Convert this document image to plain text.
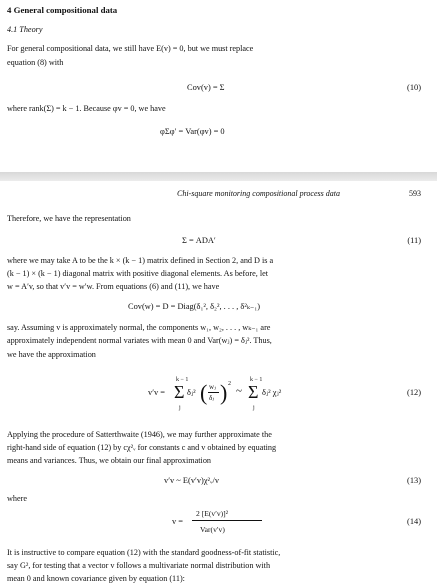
4 General compositional data
4.1 Theory
For general compositional data, we still have E(v) = 0, but we must replace
equation (8) with
Cov(v) = Σ	(10)
where rank(Σ) = k − 1. Because φv = 0, we have
φΣφ′ = Var(φv) = 0
Chi-square monitoring compositional process data	593
Therefore, we have the representation
Σ = ADA′	(11)
where we may take A to be the k × (k − 1) matrix defined in Section 2, and D is a
(k − 1) × (k − 1) diagonal matrix with positive diagonal elements. As before, let
w = A′v, so that v′v = w′w. From equations (6) and (11), we have
Cov(w) = D = Diag(δ₁², δ₂², . . . , δ²ₖ₋₁)
say. Assuming v is approximately normal, the components w₁, w₂, . . . , wₖ₋₁ are
approximately independent normal variates with mean 0 and Var(wⱼ) = δⱼ². Thus,
we have the approximation
v′v =
k − 1
Σ
j
δⱼ² ( wⱼ
δⱼ ) 2
~
k − 1
Σ
j
δⱼ² χⱼ²	(12)
Applying the procedure of Satterthwaite (1946), we may further approximate the
right-hand side of equation (12) by cχ²ᵥ for constants c and v obtained by equating
means and variances. Thus, we obtain our final approximation
v′v ~ E(v′v)χ²ᵥ/v	(13)
where
v =
2 [E(v′v)]²
Var(v′v)
(14)
It is instructive to compare equation (12) with the standard goodness-of-fit statistic,
say G², for testing that a vector v follows a multivariate normal distribution with
mean 0 and known covariance given by equation (11):
